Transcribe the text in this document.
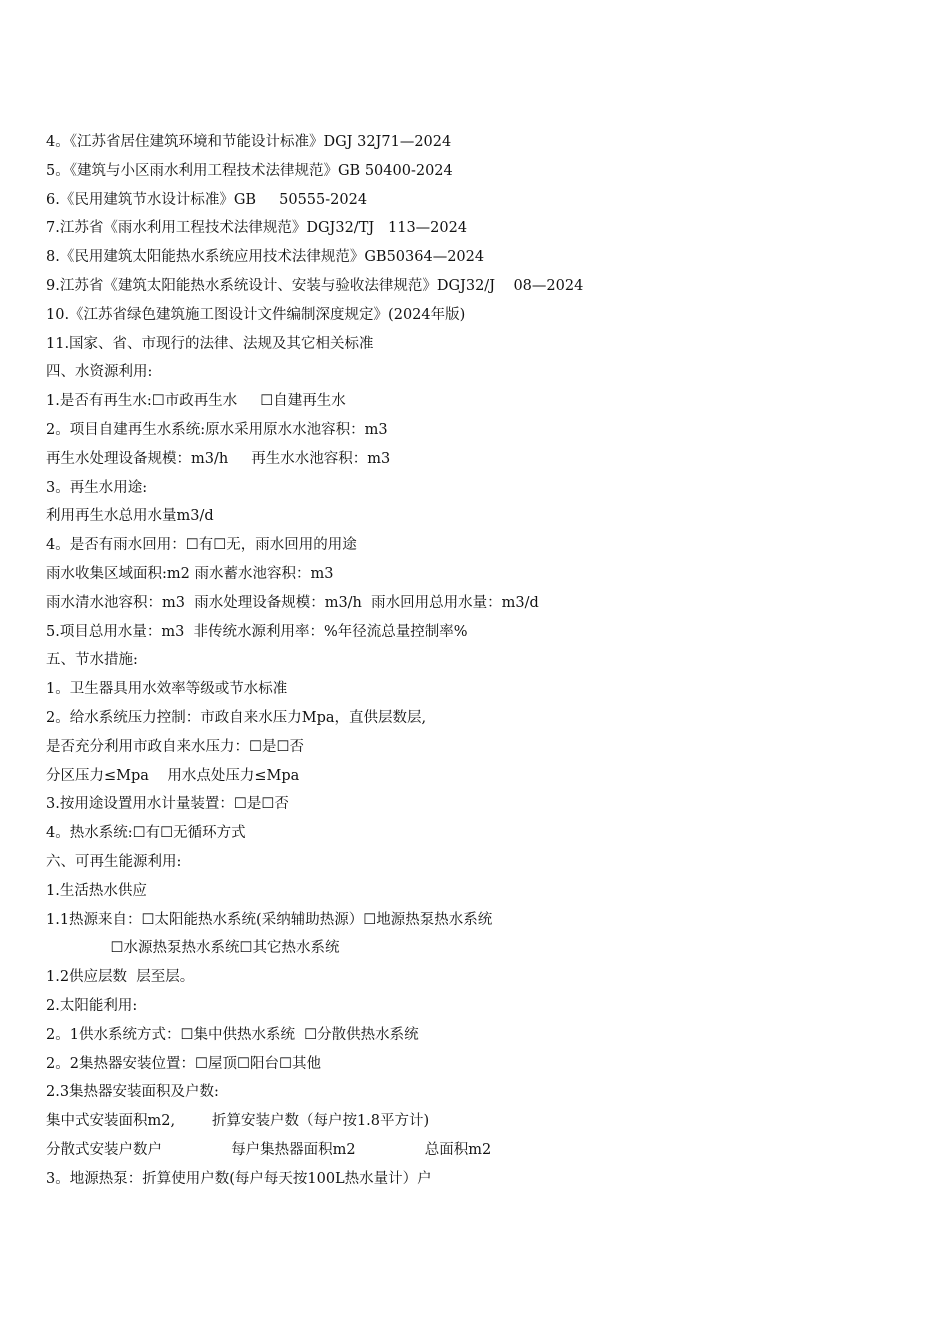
4。《江苏省居住建筑环境和节能设计标准》DGJ 32J71—2024
5。《建筑与小区雨水利用工程技术法律规范》GB 50400-2024
6.《民用建筑节水设计标准》GB     50555-2024
7.江苏省《雨水利用工程技术法律规范》DGJ32/TJ   113—2024
8.《民用建筑太阳能热水系统应用技术法律规范》GB50364—2024
9.江苏省《建筑太阳能热水系统设计、安装与验收法律规范》DGJ32/J    08—2024
10.《江苏省绿色建筑施工图设计文件编制深度规定》(2024年版)
11.国家、省、市现行的法律、法规及其它相关标准
四、水资源利用:
1.是否有再生水:☐市政再生水     ☐自建再生水
2。项目自建再生水系统:原水采用原水水池容积：m3
再生水处理设备规模：m3/h     再生水水池容积：m3
3。再生水用途:
利用再生水总用水量m3/d
4。是否有雨水回用：☐有☐无，雨水回用的用途
雨水收集区域面积:m2 雨水蓄水池容积：m3
雨水清水池容积：m3  雨水处理设备规模：m3/h  雨水回用总用水量：m3/d
5.项目总用水量：m3  非传统水源利用率：%年径流总量控制率%
五、节水措施:
1。卫生器具用水效率等级或节水标准
2。给水系统压力控制：市政自来水压力Mpa，直供层数层,
是否充分利用市政自来水压力：☐是☐否
分区压力≤Mpa    用水点处压力≤Mpa
3.按用途设置用水计量装置：☐是☐否
4。热水系统:☐有☐无循环方式
六、可再生能源利用:
1.生活热水供应
1.1热源来自：☐太阳能热水系统(采纳辅助热源）☐地源热泵热水系统
☐水源热泵热水系统☐其它热水系统
1.2供应层数  层至层。
2.太阳能利用:
2。1供水系统方式：☐集中供热水系统  ☐分散供热水系统
2。2集热器安装位置：☐屋顶☐阳台☐其他
2.3集热器安装面积及户数:
集中式安装面积m2,        折算安装户数（每户按1.8平方计)
分散式安装户数户               每户集热器面积m2               总面积m2
3。地源热泵：折算使用户数(每户每天按100L热水量计）户
